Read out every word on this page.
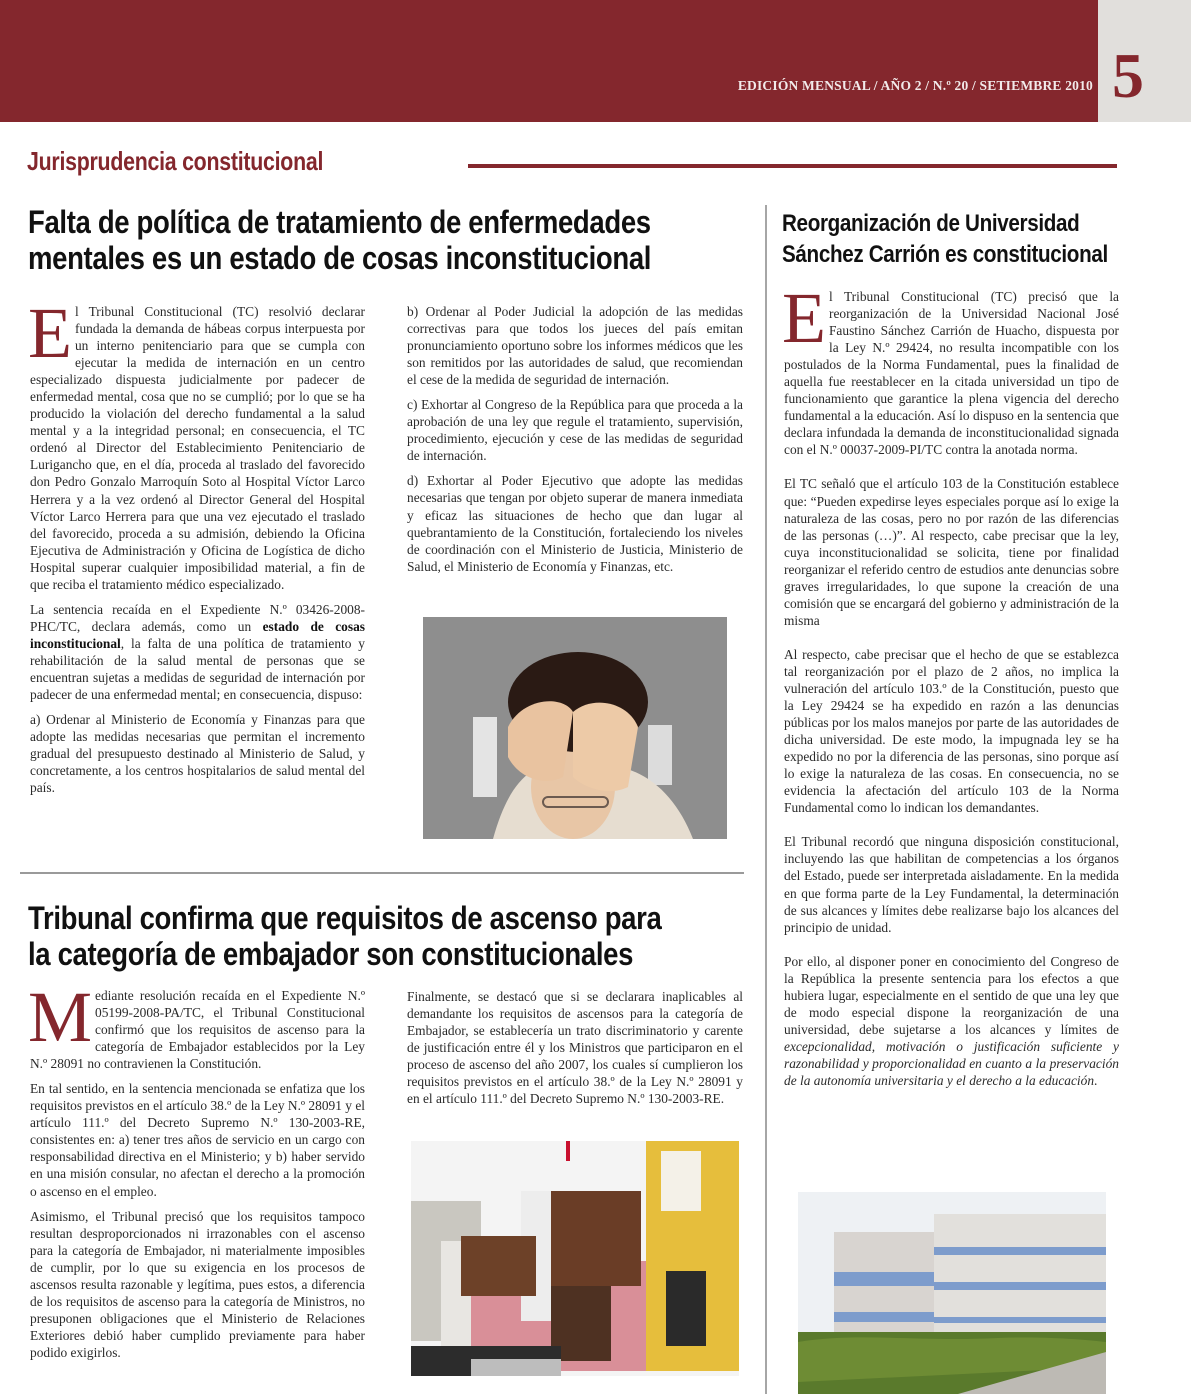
EDICIÓN MENSUAL / AÑO 2 / N.º 20 / SETIEMBRE 2010 5
Jurisprudencia constitucional
Falta de política de tratamiento de enfermedades
mentales es un estado de cosas inconstitucional

El Tribunal Constitucional (TC) resolvió declarar fundada la demanda de hábeas corpus interpuesta por un interno penitenciario para que se cumpla con ejecutar la medida de internación en un centro especializado dispuesta judicialmente por padecer de enfermedad mental, cosa que no se cumplió; por lo que se ha producido la violación del derecho fundamental a la salud mental y a la integridad personal; en consecuencia, el TC ordenó al Director del Establecimiento Penitenciario de Lurigancho que, en el día, proceda al traslado del favorecido don Pedro Gonzalo Marroquín Soto al Hospital Víctor Larco Herrera y a la vez ordenó al Director General del Hospital Víctor Larco Herrera para que una vez ejecutado el traslado del favorecido, proceda a su admisión, debiendo la Oficina Ejecutiva de Administración y Oficina de Logística de dicho Hospital superar cualquier imposibilidad material, a fin de que reciba el tratamiento médico especializado.

La sentencia recaída en el Expediente N.º 03426-2008-PHC/TC, declara además, como un estado de cosas inconstitucional, la falta de una política de tratamiento y rehabilitación de la salud mental de personas que se encuentran sujetas a medidas de seguridad de internación por padecer de una enfermedad mental; en consecuencia, dispuso:

a) Ordenar al Ministerio de Economía y Finanzas para que adopte las medidas necesarias que permitan el incremento gradual del presupuesto destinado al Ministerio de Salud, y concretamente, a los centros hospitalarios de salud mental del país.

b) Ordenar al Poder Judicial la adopción de las medidas correctivas para que todos los jueces del país emitan pronunciamiento oportuno sobre los informes médicos que les son remitidos por las autoridades de salud, que recomiendan el cese de la medida de seguridad de internación.

c) Exhortar al Congreso de la República para que proceda a la aprobación de una ley que regule el tratamiento, supervisión, procedimiento, ejecución y cese de las medidas de seguridad de internación.

d) Exhortar al Poder Ejecutivo que adopte las medidas necesarias que tengan por objeto superar de manera inmediata y eficaz las situaciones de hecho que dan lugar al quebrantamiento de la Constitución, fortaleciendo los niveles de coordinación con el Ministerio de Justicia, Ministerio de Salud, el Ministerio de Economía y Finanzas, etc.

Reorganización de Universidad
Sánchez Carrión es constitucional

El Tribunal Constitucional (TC) precisó que la reorganización de la Universidad Nacional José Faustino Sánchez Carrión de Huacho, dispuesta por la Ley N.º 29424, no resulta incompatible con los postulados de la Norma Fundamental, pues la finalidad de aquella fue reestablecer en la citada universidad un tipo de funcionamiento que garantice la plena vigencia del derecho fundamental a la educación. Así lo dispuso en la sentencia que declara infundada la demanda de inconstitucionalidad signada con el N.º 00037-2009-PI/TC contra la anotada norma.

El TC señaló que el artículo 103 de la Constitución establece que: “Pueden expedirse leyes especiales porque así lo exige la naturaleza de las cosas, pero no por razón de las diferencias de las personas (…)”. Al respecto, cabe precisar que la ley, cuya inconstitucionalidad se solicita, tiene por finalidad reorganizar el referido centro de estudios ante denuncias sobre graves irregularidades, lo que supone la creación de una comisión que se encargará del gobierno y administración de la misma

Al respecto, cabe precisar que el hecho de que se establezca tal reorganización por el plazo de 2 años, no implica la vulneración del artículo 103.º de la Constitución, puesto que la Ley 29424 se ha expedido en razón a las denuncias públicas por los malos manejos por parte de las autoridades de dicha universidad. De este modo, la impugnada ley se ha expedido no por la diferencia de las personas, sino porque así lo exige la naturaleza de las cosas. En consecuencia, no se evidencia la afectación del artículo 103 de la Norma Fundamental como lo indican los demandantes.

El Tribunal recordó que ninguna disposición constitucional, incluyendo las que habilitan de competencias a los órganos del Estado, puede ser interpretada aisladamente. En la medida en que forma parte de la Ley Fundamental, la determinación de sus alcances y límites debe realizarse bajo los alcances del principio de unidad.

Por ello, al disponer poner en conocimiento del Congreso de la República la presente sentencia para los efectos a que hubiera lugar, especialmente en el sentido de que una ley que de modo especial dispone la reorganización de una universidad, debe sujetarse a los alcances y límites de excepcionalidad, motivación o justificación suficiente y razonabilidad y proporcionalidad en cuanto a la preservación de la autonomía universitaria y el derecho a la educación.

Tribunal confirma que requisitos de ascenso para
la categoría de embajador son constitucionales

Mediante resolución recaída en el Expediente N.º 05199-2008-PA/TC, el Tribunal Constitucional confirmó que los requisitos de ascenso para la categoría de Embajador establecidos por la Ley N.º 28091 no contravienen la Constitución.

En tal sentido, en la sentencia mencionada se enfatiza que los requisitos previstos en el artículo 38.º de la Ley N.º 28091 y el artículo 111.º del Decreto Supremo N.º 130-2003-RE, consistentes en: a) tener tres años de servicio en un cargo con responsabilidad directiva en el Ministerio; y b) haber servido en una misión consular, no afectan el derecho a la promoción o ascenso en el empleo.

Asimismo, el Tribunal precisó que los requisitos tampoco resultan desproporcionados ni irrazonables con el ascenso para la categoría de Embajador, ni materialmente imposibles de cumplir, por lo que su exigencia en los procesos de ascensos resulta razonable y legítima, pues estos, a diferencia de los requisitos de ascenso para la categoría de Ministros, no presuponen obligaciones que el Ministerio de Relaciones Exteriores debió haber cumplido previamente para haber podido exigirlos.

Finalmente, se destacó que si se declarara inaplicables al demandante los requisitos de ascensos para la categoría de Embajador, se establecería un trato discriminatorio y carente de justificación entre él y los Ministros que participaron en el proceso de ascenso del año 2007, los cuales sí cumplieron los requisitos previstos en el artículo 38.º de la Ley N.º 28091 y en el artículo 111.º del Decreto Supremo N.º 130-2003-RE.
